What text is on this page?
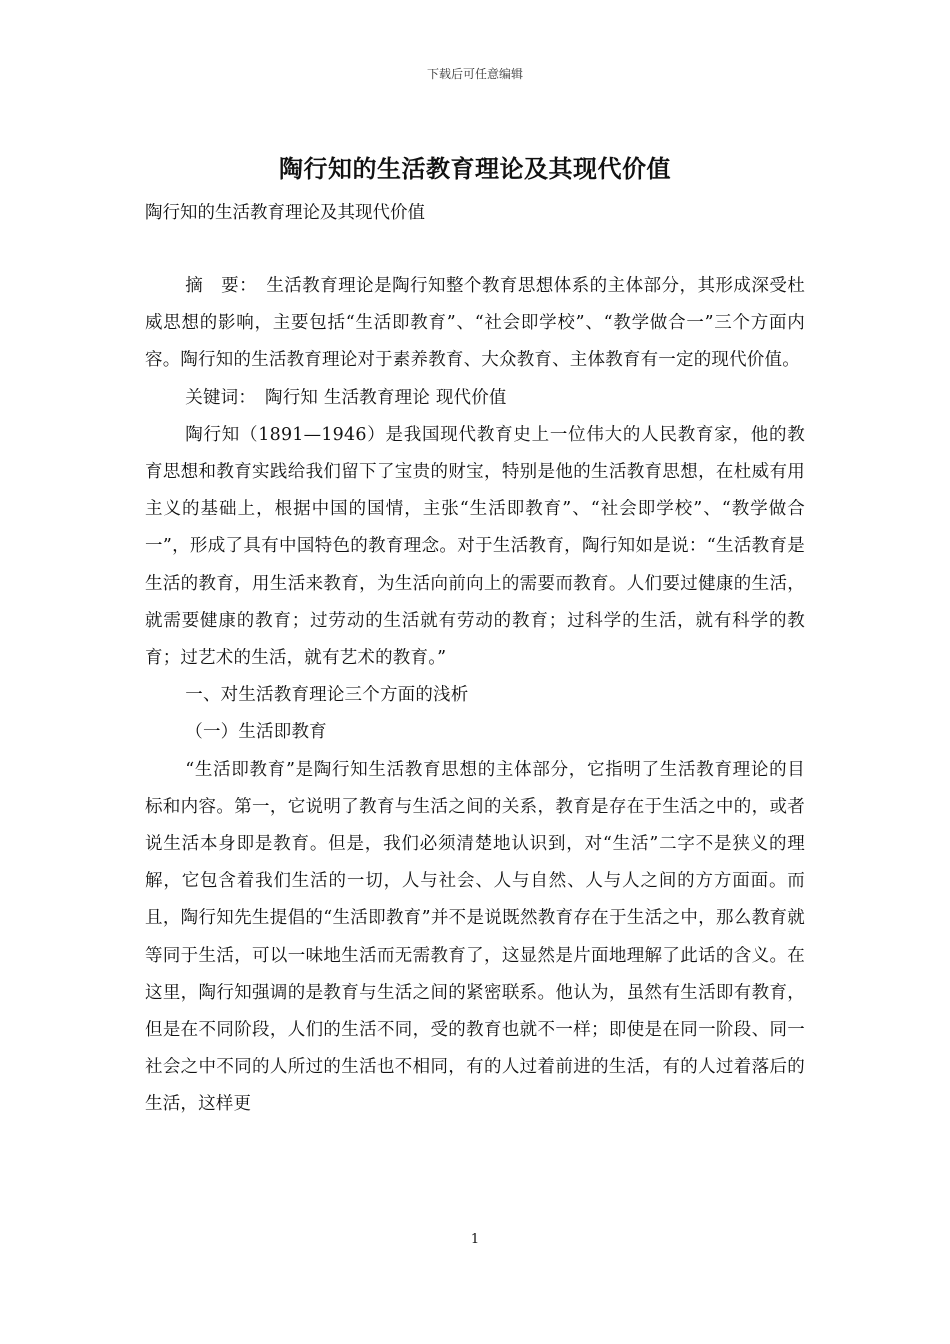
下载后可任意编辑
陶行知的生活教育理论及其现代价值
陶行知的生活教育理论及其现代价值

摘　要：　生活教育理论是陶行知整个教育思想体系的主体部分，其形成深受杜威思想的影响，主要包括“生活即教育”、“社会即学校”、“教学做合一”三个方面内容。陶行知的生活教育理论对于素养教育、大众教育、主体教育有一定的现代价值。

关键词：　陶行知 生活教育理论 现代价值

陶行知（1891—1946）是我国现代教育史上一位伟大的人民教育家，他的教育思想和教育实践给我们留下了宝贵的财宝，特别是他的生活教育思想，在杜威有用主义的基础上，根据中国的国情，主张“生活即教育”、“社会即学校”、“教学做合一”，形成了具有中国特色的教育理念。对于生活教育，陶行知如是说：“生活教育是生活的教育，用生活来教育，为生活向前向上的需要而教育。人们要过健康的生活，就需要健康的教育；过劳动的生活就有劳动的教育；过科学的生活，就有科学的教育；过艺术的生活，就有艺术的教育。”

一、对生活教育理论三个方面的浅析

（一）生活即教育

“生活即教育”是陶行知生活教育思想的主体部分，它指明了生活教育理论的目标和内容。第一，它说明了教育与生活之间的关系，教育是存在于生活之中的，或者说生活本身即是教育。但是，我们必须清楚地认识到，对“生活”二字不是狭义的理解，它包含着我们生活的一切，人与社会、人与自然、人与人之间的方方面面。而且，陶行知先生提倡的“生活即教育”并不是说既然教育存在于生活之中，那么教育就等同于生活，可以一味地生活而无需教育了，这显然是片面地理解了此话的含义。在这里，陶行知强调的是教育与生活之间的紧密联系。他认为，虽然有生活即有教育，但是在不同阶段，人们的生活不同，受的教育也就不一样；即使是在同一阶段、同一社会之中不同的人所过的生活也不相同，有的人过着前进的生活，有的人过着落后的生活，这样更

1
